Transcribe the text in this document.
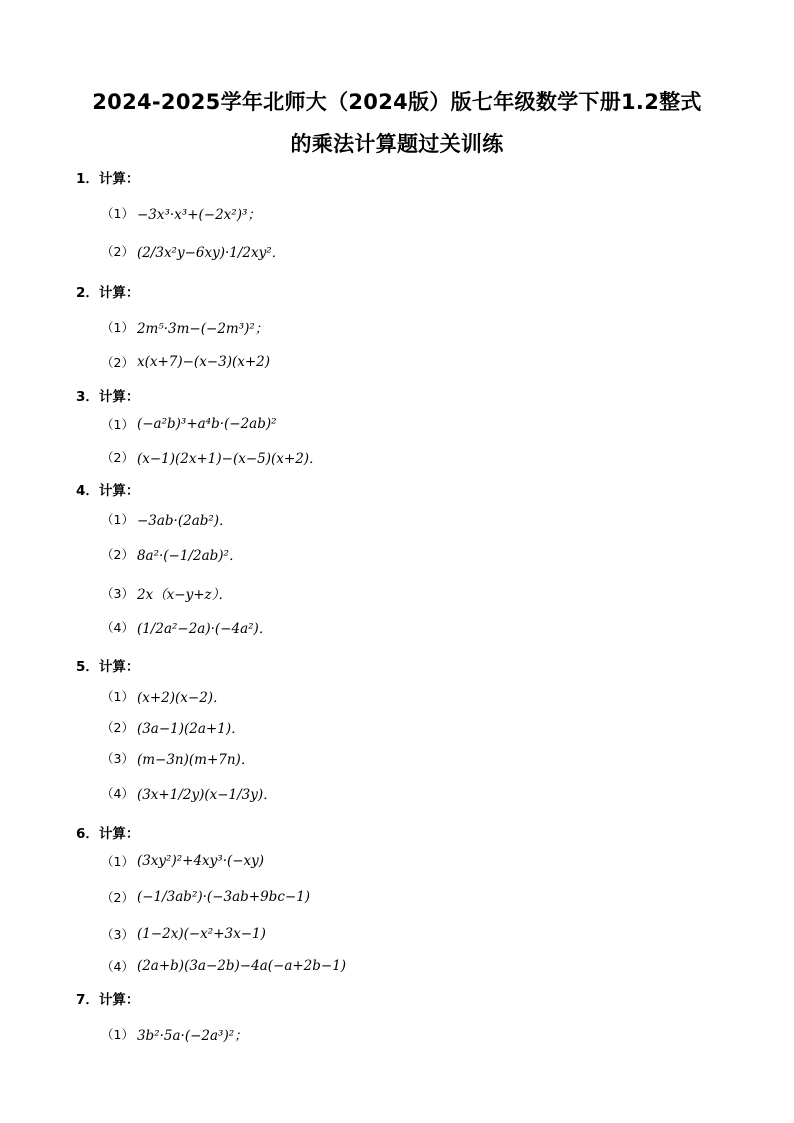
2024-2025学年北师大（2024版）版七年级数学下册1.2整式
的乘法计算题过关训练
1．计算：
（1） −3x³·x³+(−2x²)³；
（2） (2/3x²y−6xy)·1/2xy²．
2．计算：
（1） 2m⁵·3m−(−2m³)²；
（2） x(x+7)−(x−3)(x+2)
3．计算：
（1） (−a²b)³+a⁴b·(−2ab)²
（2） (x−1)(2x+1)−(x−5)(x+2)．
4．计算：
（1） −3ab·(2ab²)．
（2） 8a²·(−1/2ab)²．
（3） 2x（x−y+z）．
（4） (1/2a²−2a)·(−4a²)．
5．计算：
（1） (x+2)(x−2)．
（2） (3a−1)(2a+1)．
（3） (m−3n)(m+7n)．
（4） (3x+1/2y)(x−1/3y)．
6．计算：
（1） (3xy²)²+4xy³·(−xy)
（2） (−1/3ab²)·(−3ab+9bc−1)
（3） (1−2x)(−x²+3x−1)
（4） (2a+b)(3a−2b)−4a(−a+2b−1)
7．计算：
（1） 3b²·5a·(−2a³)²；
